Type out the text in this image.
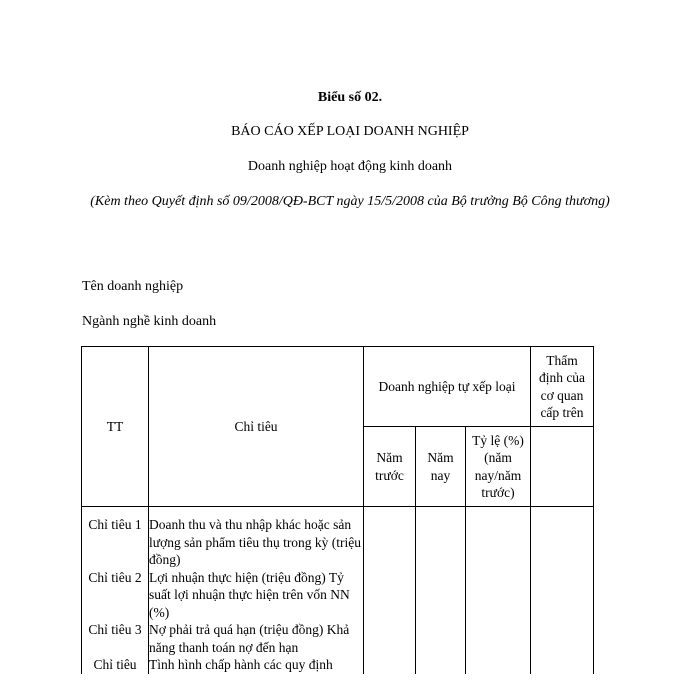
Biểu số 02.
BÁO CÁO XẾP LOẠI DOANH NGHIỆP
Doanh nghiệp hoạt động kinh doanh
(Kèm theo Quyết định số 09/2008/QĐ-BCT ngày 15/5/2008 của Bộ trưởng Bộ Công thương)
Tên doanh nghiệp
Ngành nghề kinh doanh
TT	Chỉ tiêu	Doanh nghiệp tự xếp loại			Thẩm định của cơ quan cấp trên
		Năm trước	Năm nay	Tỷ lệ (%) (năm nay/năm trước)	
Chỉ tiêu 1	Doanh thu và thu nhập khác hoặc sản lượng sản phẩm tiêu thụ trong kỳ (triệu đồng)				
Chỉ tiêu 2	Lợi nhuận thực hiện (triệu đồng) Tỷ suất lợi nhuận thực hiện trên vốn NN (%)				
Chỉ tiêu 3	Nợ phải trả quá hạn (triệu đồng) Khả năng thanh toán nợ đến hạn				
Chỉ tiêu	Tình hình chấp hành các quy định				
